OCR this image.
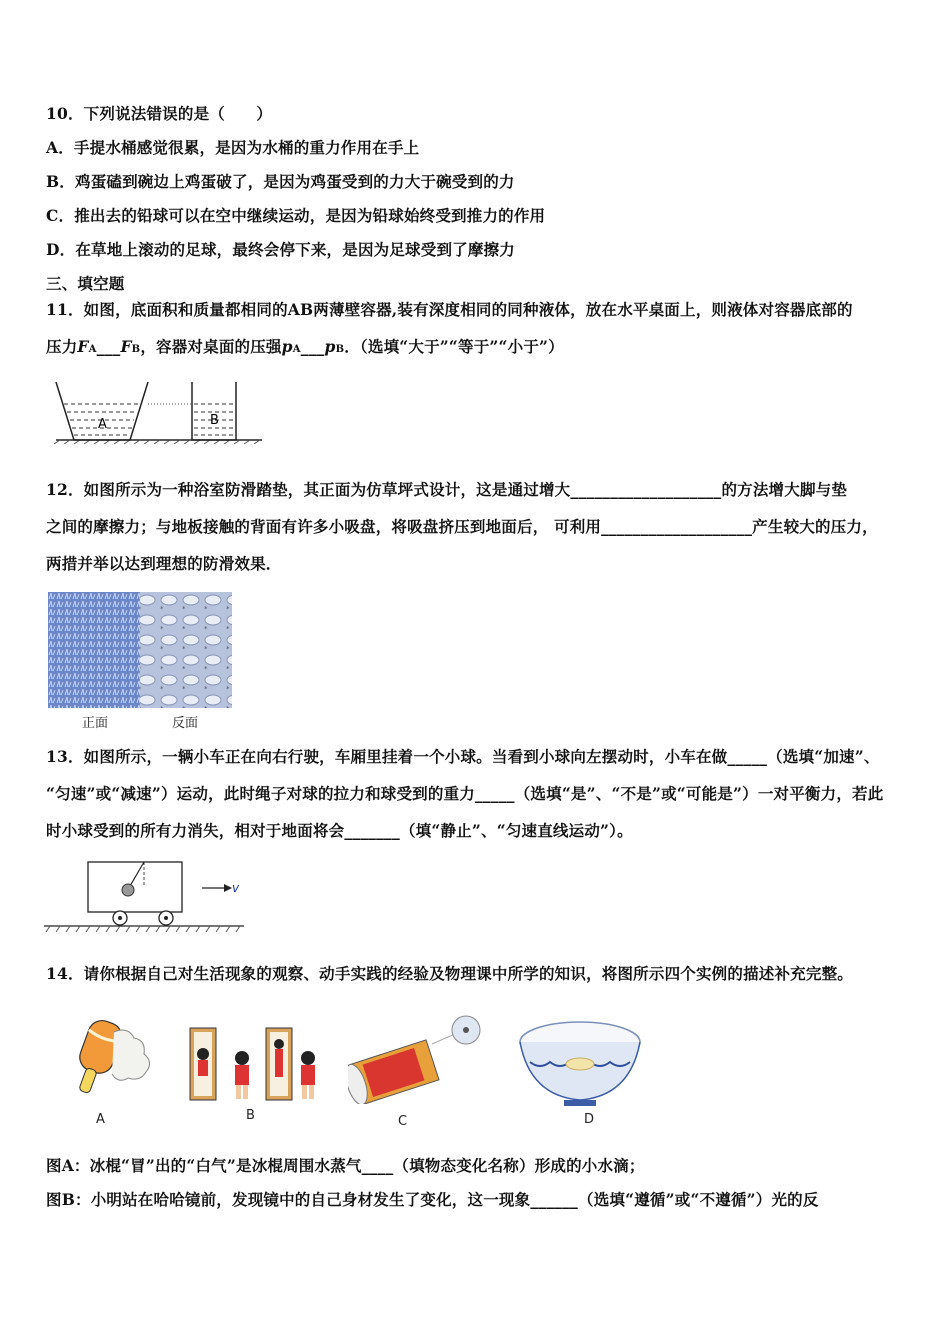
10．下列说法错误的是（　　）
A．手提水桶感觉很累，是因为水桶的重力作用在手上
B．鸡蛋磕到碗边上鸡蛋破了，是因为鸡蛋受到的力大于碗受到的力
C．推出去的铅球可以在空中继续运动，是因为铅球始终受到推力的作用
D．在草地上滚动的足球，最终会停下来，是因为足球受到了摩擦力
三、填空题
11．如图，底面积和质量都相同的AB两薄壁容器,装有深度相同的同种液体，放在水平桌面上，则液体对容器底部的
压力FA___FB，容器对桌面的压强pA___pB．（选填“大于”“等于”“小于”）
A	B
12．如图所示为一种浴室防滑踏垫，其正面为仿草坪式设计，这是通过增大___________________的方法增大脚与垫
之间的摩擦力；与地板接触的背面有许多小吸盘，将吸盘挤压到地面后， 可利用___________________产生较大的压力，
两措并举以达到理想的防滑效果．
正面	反面
13．如图所示，一辆小车正在向右行驶，车厢里挂着一个小球。当看到小球向左摆动时，小车在做_____（选填“加速”、
“匀速”或“减速”）运动，此时绳子对球的拉力和球受到的重力_____（选填“是”、“不是”或“可能是”）一对平衡力，若此
时小球受到的所有力消失，相对于地面将会_______（填“静止”、“匀速直线运动”）。
v
14．请你根据自己对生活现象的观察、动手实践的经验及物理课中所学的知识，将图所示四个实例的描述补充完整。
A	B	C	D
图A：冰棍“冒”出的“白气”是冰棍周围水蒸气____（填物态变化名称）形成的小水滴；
图B：小明站在哈哈镜前，发现镜中的自己身材发生了变化，这一现象______（选填“遵循”或“不遵循”）光的反
